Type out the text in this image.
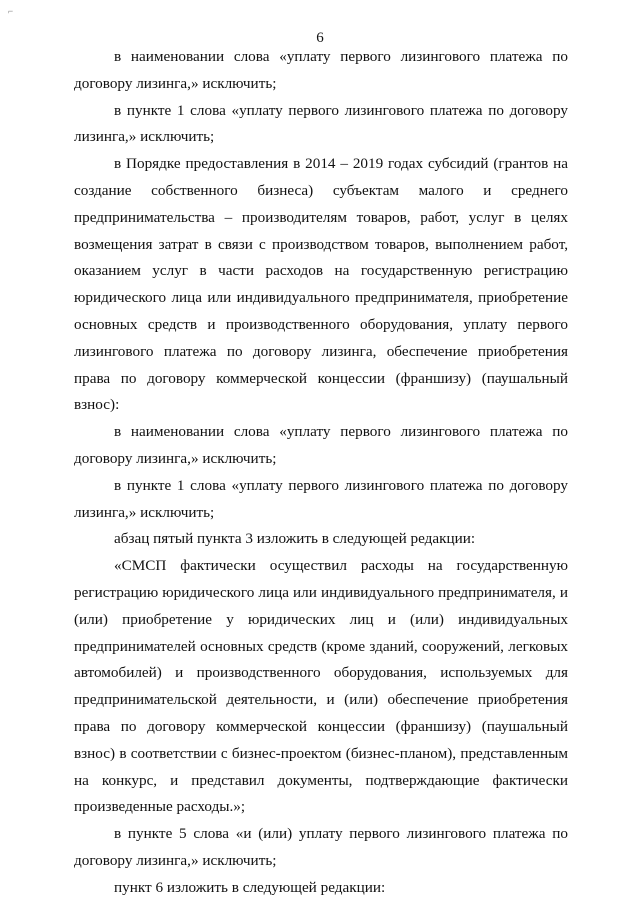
⌐
6

в наименовании слова «уплату первого лизингового платежа по договору лизинга,» исключить;

в пункте 1 слова «уплату первого лизингового платежа по договору лизинга,» исключить;

в Порядке предоставления в 2014 – 2019 годах субсидий (грантов на создание собственного бизнеса) субъектам малого и среднего предпринимательства – производителям товаров, работ, услуг в целях возмещения затрат в связи с производством товаров, выполнением работ, оказанием услуг в части расходов на государственную регистрацию юридического лица или индивидуального предпринимателя, приобретение основных средств и производственного оборудования, уплату первого лизингового платежа по договору лизинга, обеспечение приобретения права по договору коммерческой концессии (франшизу) (паушальный взнос):

в наименовании слова «уплату первого лизингового платежа по договору лизинга,» исключить;

в пункте 1 слова «уплату первого лизингового платежа по договору лизинга,» исключить;

абзац пятый пункта 3 изложить в следующей редакции:

«СМСП фактически осуществил расходы на государственную регистрацию юридического лица или индивидуального предпринимателя, и (или) приобретение у юридических лиц и (или) индивидуальных предпринимателей основных средств (кроме зданий, сооружений, легковых автомобилей) и производственного оборудования, используемых для предпринимательской деятельности, и (или) обеспечение приобретения права по договору коммерческой концессии (франшизу) (паушальный взнос) в соответствии с бизнес-проектом (бизнес-планом), представленным на конкурс, и представил документы, подтверждающие фактически произведенные расходы.»;

в пункте 5 слова «и (или) уплату первого лизингового платежа по договору лизинга,» исключить;

пункт 6 изложить в следующей редакции:
